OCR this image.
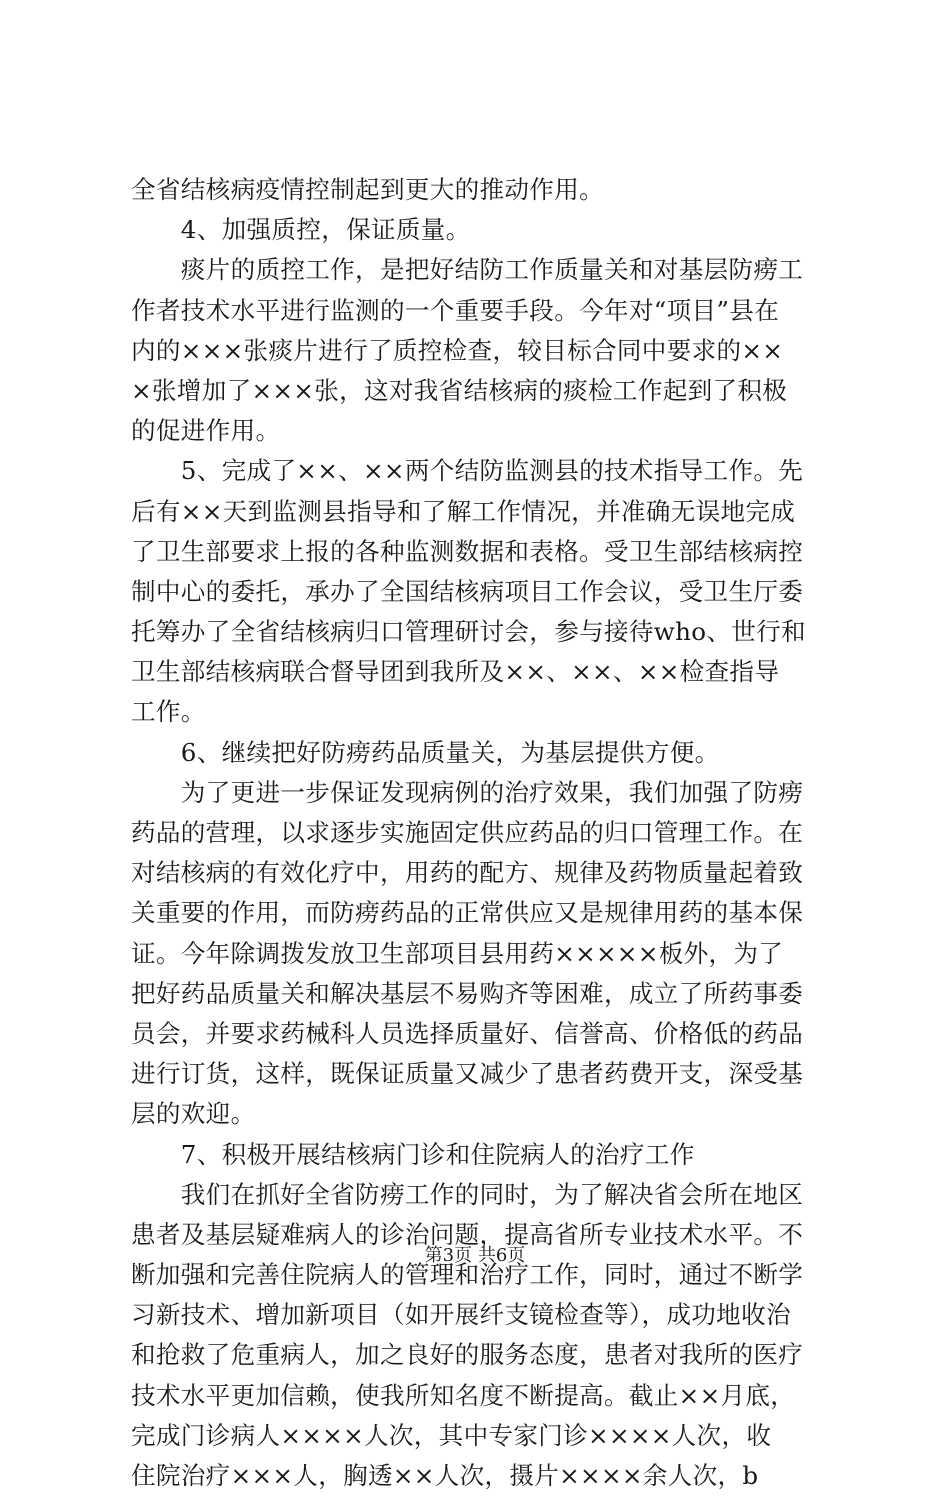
全省结核病疫情控制起到更大的推动作用。
　　4、加强质控，保证质量。
　　痰片的质控工作，是把好结防工作质量关和对基层防痨工
作者技术水平进行监测的一个重要手段。今年对“项目”县在
内的×××张痰片进行了质控检查，较目标合同中要求的××
×张增加了×××张，这对我省结核病的痰检工作起到了积极
的促进作用。
　　5、完成了××、××两个结防监测县的技术指导工作。先
后有××天到监测县指导和了解工作情况，并准确无误地完成
了卫生部要求上报的各种监测数据和表格。受卫生部结核病控
制中心的委托，承办了全国结核病项目工作会议，受卫生厅委
托筹办了全省结核病归口管理研讨会，参与接待who、世行和
卫生部结核病联合督导团到我所及××、××、××检查指导
工作。
　　6、继续把好防痨药品质量关，为基层提供方便。
　　为了更进一步保证发现病例的治疗效果，我们加强了防痨
药品的营理，以求逐步实施固定供应药品的归口管理工作。在
对结核病的有效化疗中，用药的配方、规律及药物质量起着致
关重要的作用，而防痨药品的正常供应又是规律用药的基本保
证。今年除调拨发放卫生部项目县用药×××××板外，为了
把好药品质量关和解决基层不易购齐等困难，成立了所药事委
员会，并要求药械科人员选择质量好、信誉高、价格低的药品
进行订货，这样，既保证质量又减少了患者药费开支，深受基
层的欢迎。
　　7、积极开展结核病门诊和住院病人的治疗工作
　　我们在抓好全省防痨工作的同时，为了解决省会所在地区
患者及基层疑难病人的诊治问题，提高省所专业技术水平。不
断加强和完善住院病人的管理和治疗工作，同时，通过不断学
习新技术、增加新项目（如开展纤支镜检查等），成功地收治
和抢救了危重病人，加之良好的服务态度，患者对我所的医疗
技术水平更加信赖，使我所知名度不断提高。截止××月底，
完成门诊病人××××人次，其中专家门诊××××人次，收
住院治疗×××人，胸透××人次，摄片××××余人次，b
第3页 共6页
